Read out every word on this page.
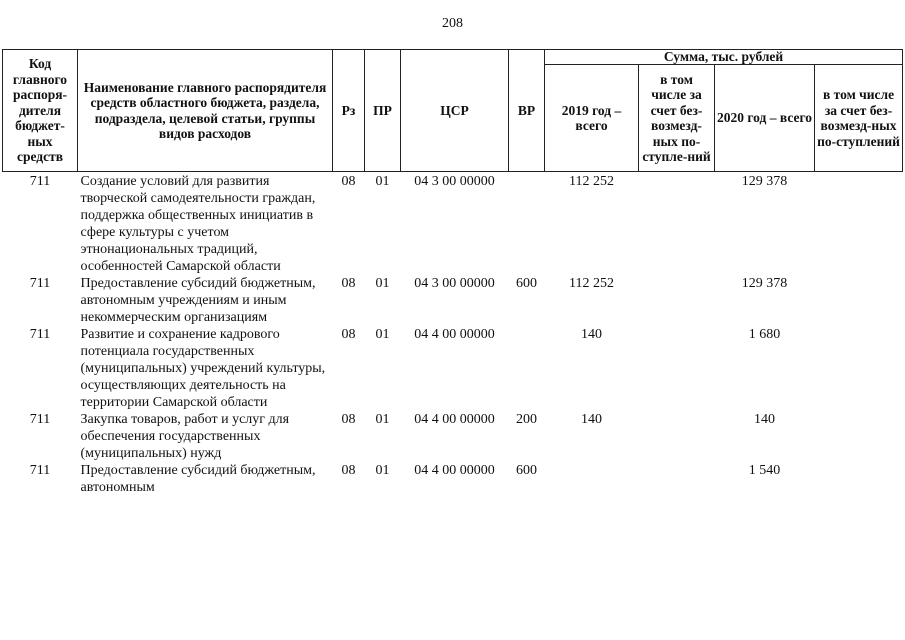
208
Код главного распоря-дителя бюджет-ных средств	Наименование главного распорядителя средств областного бюджета, раздела, подраздела, целевой статьи, группы видов расходов	Рз	ПР	ЦСР	ВР	Сумма, тыс. рублей			
						2019 год – всего	в том числе за счет без-возмезд-ных по-ступле-ний	2020 год – всего	в том числе за счет без-возмезд-ных по-ступлений
711	Создание условий для развития творческой самодеятельности граждан, поддержка общественных инициатив в сфере культуры с учетом этнонациональных традиций, особенностей Самарской области	08	01	04 3 00 00000		112 252		129 378	
711	Предоставление субсидий бюджетным, автономным учреждениям и иным некоммерческим организациям	08	01	04 3 00 00000	600	112 252		129 378	
711	Развитие и сохранение кадрового потенциала государственных (муниципальных) учреждений культуры, осуществляющих деятельность на территории Самарской области	08	01	04 4 00 00000		140		1 680	
711	Закупка товаров, работ и услуг для обеспечения государственных (муниципальных) нужд	08	01	04 4 00 00000	200	140		140	
711	Предоставление субсидий бюджетным, автономным	08	01	04 4 00 00000	600			1 540	
